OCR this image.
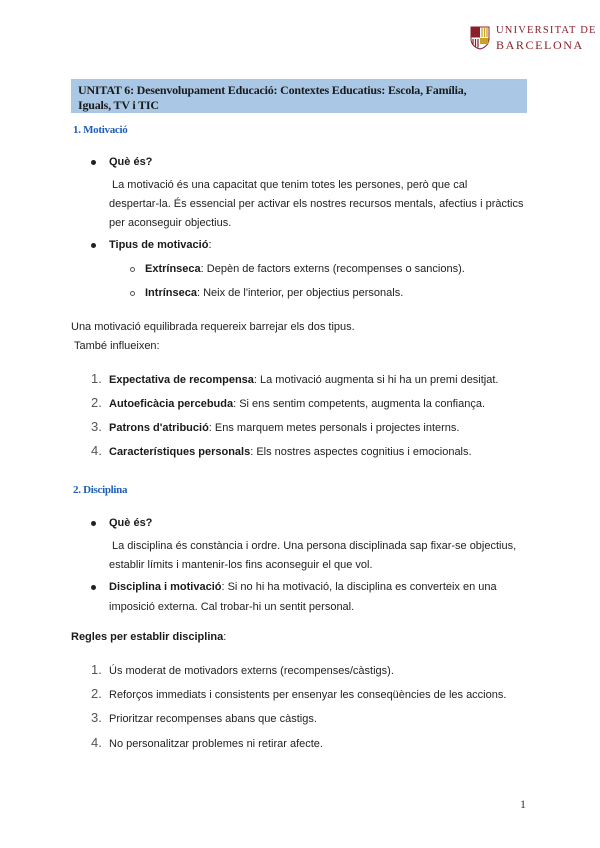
UNIVERSITAT DE
BARCELONA
UNITAT 6: Desenvolupament Educació: Contextes Educatius: Escola, Família,
Iguals, TV i TIC
1. Motivació
Què és?
La motivació és una capacitat que tenim totes les persones, però que cal
despertar-la. És essencial per activar els nostres recursos mentals, afectius i pràctics
per aconseguir objectius.
Tipus de motivació:
Extrínseca: Depèn de factors externs (recompenses o sancions).
Intrínseca: Neix de l'interior, per objectius personals.
Una motivació equilibrada requereix barrejar els dos tipus.
També influeixen:
1. Expectativa de recompensa: La motivació augmenta si hi ha un premi desitjat.
2. Autoeficàcia percebuda: Si ens sentim competents, augmenta la confiança.
3. Patrons d'atribució: Ens marquem metes personals i projectes interns.
4. Característiques personals: Els nostres aspectes cognitius i emocionals.
2. Disciplina
Què és?
La disciplina és constància i ordre. Una persona disciplinada sap fixar-se objectius,
establir límits i mantenir-los fins aconseguir el que vol.
Disciplina i motivació: Si no hi ha motivació, la disciplina es converteix en una
imposició externa. Cal trobar-hi un sentit personal.
Regles per establir disciplina:
1. Ús moderat de motivadors externs (recompenses/càstigs).
2. Reforços immediats i consistents per ensenyar les conseqüències de les accions.
3. Prioritzar recompenses abans que càstigs.
4. No personalitzar problemes ni retirar afecte.
1
